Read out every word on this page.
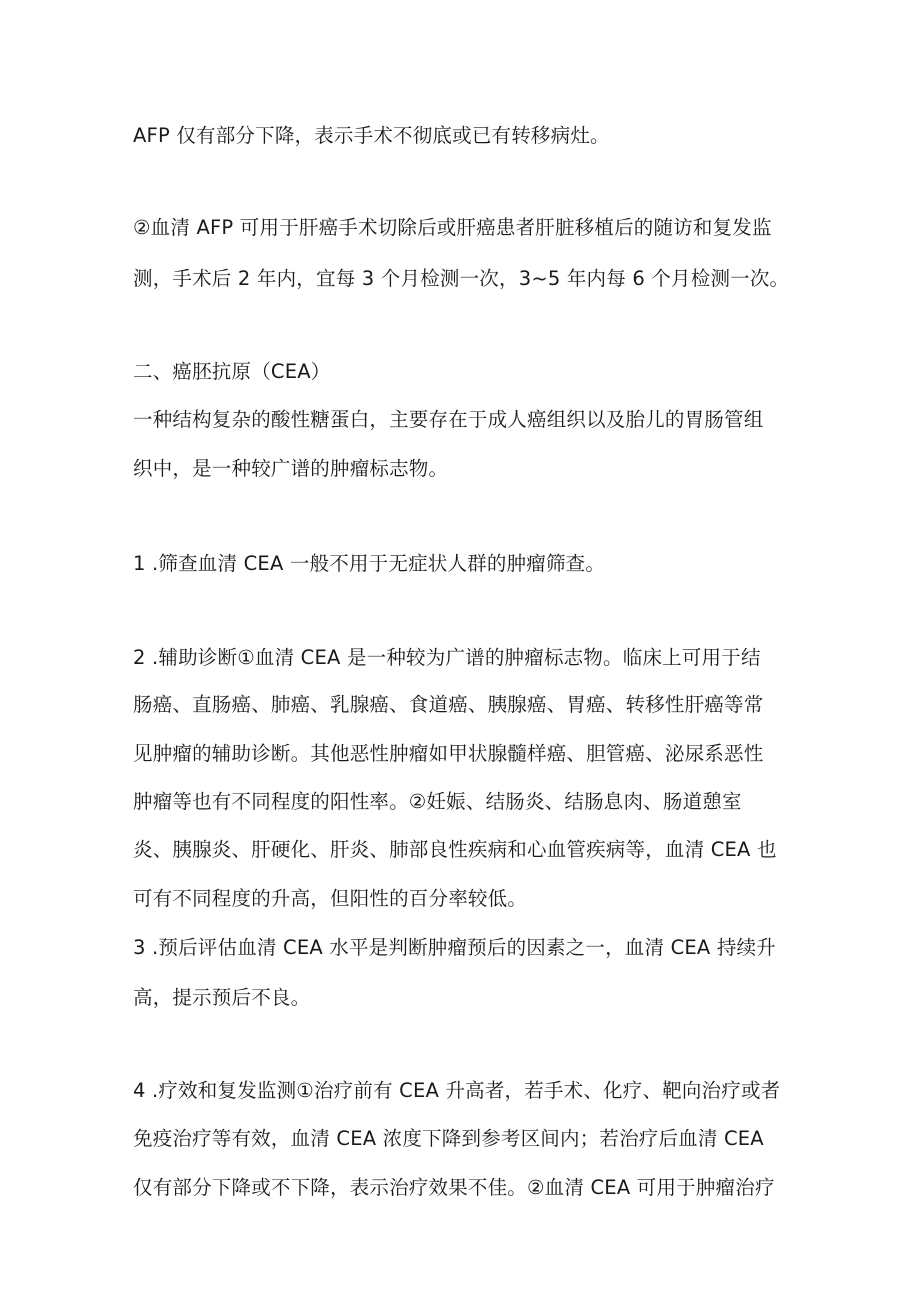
AFP 仅有部分下降，表示手术不彻底或已有转移病灶。
②血清 AFP 可用于肝癌手术切除后或肝癌患者肝脏移植后的随访和复发监
测，手术后 2 年内，宜每 3 个月检测一次，3~5 年内每 6 个月检测一次。
二、癌胚抗原（CEA）
一种结构复杂的酸性糖蛋白，主要存在于成人癌组织以及胎儿的胃肠管组
织中，是一种较广谱的肿瘤标志物。
1 .筛查血清 CEA 一般不用于无症状人群的肿瘤筛查。
2 .辅助诊断①血清 CEA 是一种较为广谱的肿瘤标志物。临床上可用于结
肠癌、直肠癌、肺癌、乳腺癌、食道癌、胰腺癌、胃癌、转移性肝癌等常
见肿瘤的辅助诊断。其他恶性肿瘤如甲状腺髓样癌、胆管癌、泌尿系恶性
肿瘤等也有不同程度的阳性率。②妊娠、结肠炎、结肠息肉、肠道憩室
炎、胰腺炎、肝硬化、肝炎、肺部良性疾病和心血管疾病等，血清 CEA 也
可有不同程度的升高，但阳性的百分率较低。
3 .预后评估血清 CEA 水平是判断肿瘤预后的因素之一，血清 CEA 持续升
高，提示预后不良。
4 .疗效和复发监测①治疗前有 CEA 升高者，若手术、化疗、靶向治疗或者
免疫治疗等有效，血清 CEA 浓度下降到参考区间内；若治疗后血清 CEA
仅有部分下降或不下降，表示治疗效果不佳。②血清 CEA 可用于肿瘤治疗
